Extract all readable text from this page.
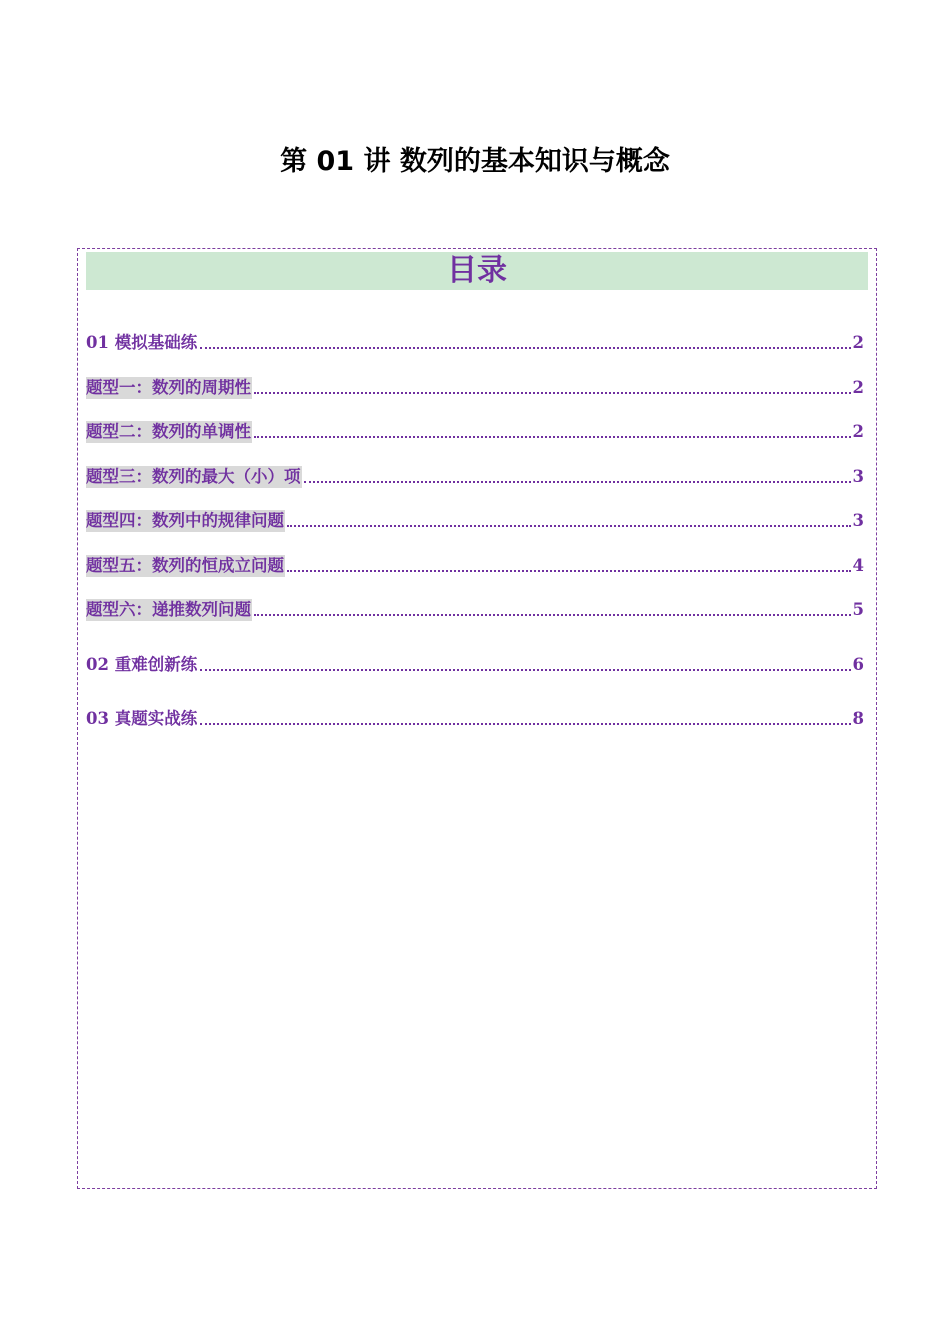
第 01 讲 数列的基本知识与概念
目录
01 模拟基础练	2
题型一：数列的周期性	2
题型二：数列的单调性	2
题型三：数列的最大（小）项	3
题型四：数列中的规律问题	3
题型五：数列的恒成立问题	4
题型六：递推数列问题	5
02 重难创新练	6
03 真题实战练	8
